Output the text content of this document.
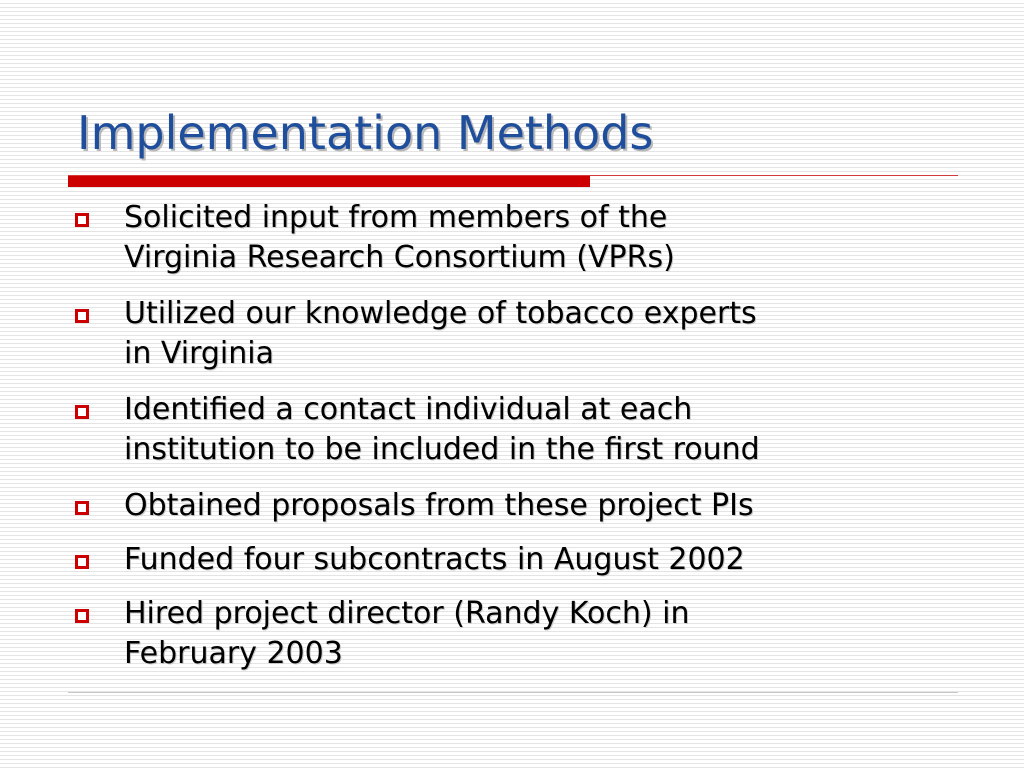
Implementation Methods
Solicited input from members of the
Virginia Research Consortium (VPRs)
Utilized our knowledge of tobacco experts
in Virginia
Identified a contact individual at each
institution to be included in the first round
Obtained proposals from these project PIs
Funded four subcontracts in August 2002
Hired project director (Randy Koch) in
February 2003
